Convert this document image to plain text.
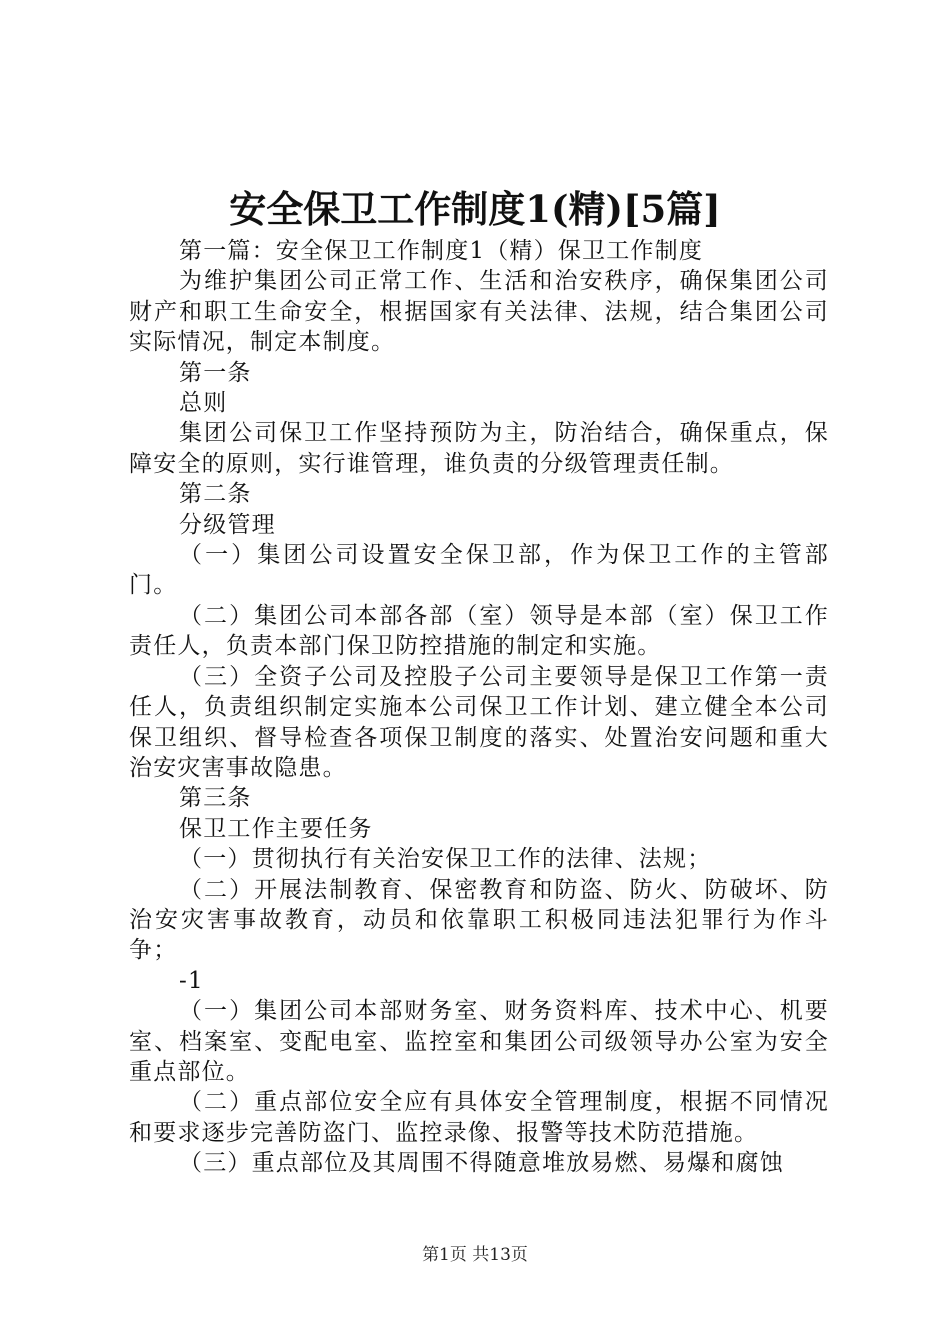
安全保卫工作制度1(精)[5篇]

第一篇：安全保卫工作制度1（精）保卫工作制度

为维护集团公司正常工作、生活和治安秩序，确保集团公司财产和职工生命安全，根据国家有关法律、法规，结合集团公司实际情况，制定本制度。

第一条

总则

集团公司保卫工作坚持预防为主，防治结合，确保重点，保障安全的原则，实行谁管理，谁负责的分级管理责任制。

第二条

分级管理

（一）集团公司设置安全保卫部，作为保卫工作的主管部门。

（二）集团公司本部各部（室）领导是本部（室）保卫工作责任人，负责本部门保卫防控措施的制定和实施。

（三）全资子公司及控股子公司主要领导是保卫工作第一责任人，负责组织制定实施本公司保卫工作计划、建立健全本公司保卫组织、督导检查各项保卫制度的落实、处置治安问题和重大治安灾害事故隐患。

第三条

保卫工作主要任务

（一）贯彻执行有关治安保卫工作的法律、法规；

（二）开展法制教育、保密教育和防盗、防火、防破坏、防治安灾害事故教育，动员和依靠职工积极同违法犯罪行为作斗争；

-1

（一）集团公司本部财务室、财务资料库、技术中心、机要室、档案室、变配电室、监控室和集团公司级领导办公室为安全重点部位。

（二）重点部位安全应有具体安全管理制度，根据不同情况和要求逐步完善防盗门、监控录像、报警等技术防范措施。

（三）重点部位及其周围不得随意堆放易燃、易爆和腐蚀

第1页 共13页
